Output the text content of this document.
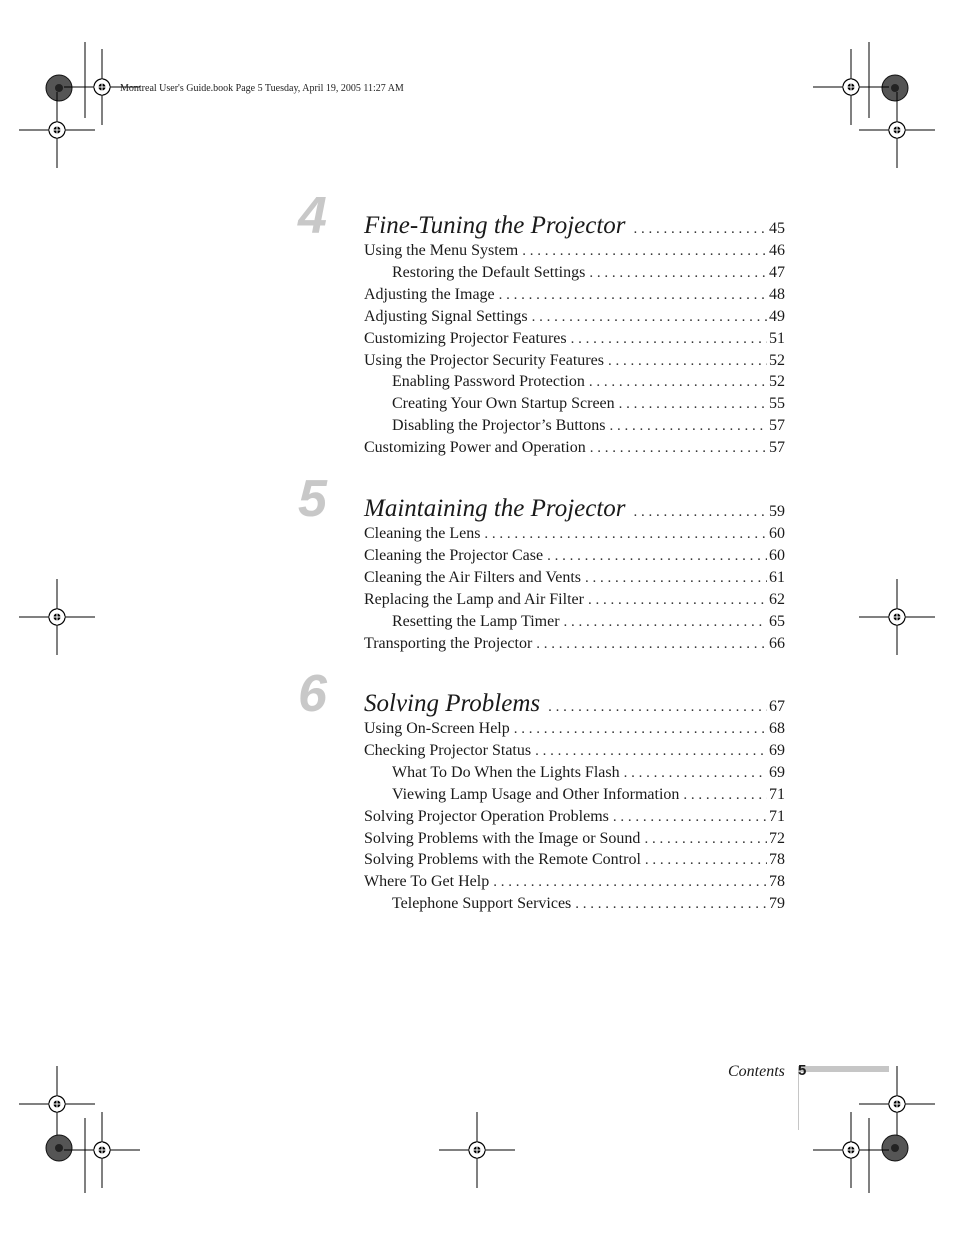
Montreal User's Guide.book Page 5 Tuesday, April 19, 2005 11:27 AM
4 Fine-Tuning the Projector . . .	45
Using the Menu System . . .	46
Restoring the Default Settings . . .	47
Adjusting the Image . . .	48
Adjusting Signal Settings . . .	49
Customizing Projector Features . . .	51
Using the Projector Security Features . . .	52
Enabling Password Protection . . .	52
Creating Your Own Startup Screen . . .	55
Disabling the Projector’s Buttons . . .	57
Customizing Power and Operation . . .	57
5 Maintaining the Projector . . .	59
Cleaning the Lens . . .	60
Cleaning the Projector Case . . .	60
Cleaning the Air Filters and Vents . . .	61
Replacing the Lamp and Air Filter . . .	62
Resetting the Lamp Timer . . .	65
Transporting the Projector . . .	66
6 Solving Problems . . .	67
Using On-Screen Help . . .	68
Checking Projector Status . . .	69
What To Do When the Lights Flash . . .	69
Viewing Lamp Usage and Other Information . . .	71
Solving Projector Operation Problems . . .	71
Solving Problems with the Image or Sound . . .	72
Solving Problems with the Remote Control . . .	78
Where To Get Help . . .	78
Telephone Support Services . . .	79
Contents 5
